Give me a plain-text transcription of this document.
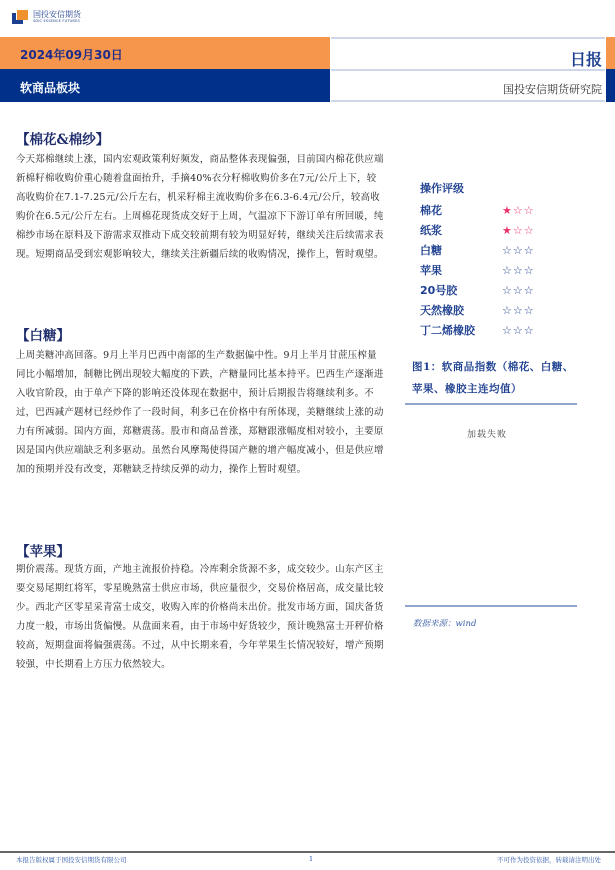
国投安信期货
SDIC ESSENCE FUTURES
2024年09月30日
软商品板块
日报
国投安信期货研究院
【棉花&棉纱】
今天郑棉继续上涨，国内宏观政策利好频发，商品整体表现偏强，目前国内棉花供应端新棉籽棉收购价重心随着盘面抬升，手摘40%衣分籽棉收购价多在7元/公斤上下，较高收购价在7.1-7.25元/公斤左右，机采籽棉主流收购价多在6.3-6.4元/公斤，较高收购价在6.5元/公斤左右。上周棉花现货成交好于上周，气温凉下下游订单有所回暖，纯棉纱市场在原料及下游需求双推动下成交较前期有较为明显好转，继续关注后续需求表现。短期商品受到宏观影响较大，继续关注新疆后续的收购情况，操作上，暂时观望。
【白糖】
上周美糖冲高回落。9月上半月巴西中南部的生产数据偏中性。9月上半月甘蔗压榨量同比小幅增加，制糖比例出现较大幅度的下跌，产糖量同比基本持平。巴西生产逐渐进入收官阶段，由于单产下降的影响还没体现在数据中，预计后期报告将继续利多。不过，巴西减产题材已经炒作了一段时间，利多已在价格中有所体现，美糖继续上涨的动力有所减弱。国内方面，郑糖震荡。股市和商品普涨，郑糖跟涨幅度相对较小，主要原因是国内供应端缺乏利多驱动。虽然台风摩羯使得国产糖的增产幅度减小，但是供应增加的预期并没有改变，郑糖缺乏持续反弹的动力，操作上暂时观望。
【苹果】
期价震荡。现货方面，产地主流报价持稳。冷库剩余货源不多，成交较少。山东产区主要交易尾期红将军，零星晚熟富士供应市场，供应量很少，交易价格居高，成交量比较少。西北产区零星采青富士成交，收购入库的价格尚未出价。批发市场方面，国庆备货力度一般，市场出货偏慢。从盘面来看，由于市场中好货较少，预计晚熟富士开秤价格较高，短期盘面将偏强震荡。不过，从中长期来看，今年苹果生长情况较好，增产预期较强，中长期看上方压力依然较大。
操作评级
棉花	★☆☆
纸浆	★☆☆
白糖	☆☆☆
苹果	☆☆☆
20号胶	☆☆☆
天然橡胶	☆☆☆
丁二烯橡胶	☆☆☆
图1：软商品指数（棉花、白糖、苹果、橡胶主连均值）
加载失败
数据来源：wind
本报告版权属于国投安信期货有限公司	1	不可作为投资依据，转载请注明出处
